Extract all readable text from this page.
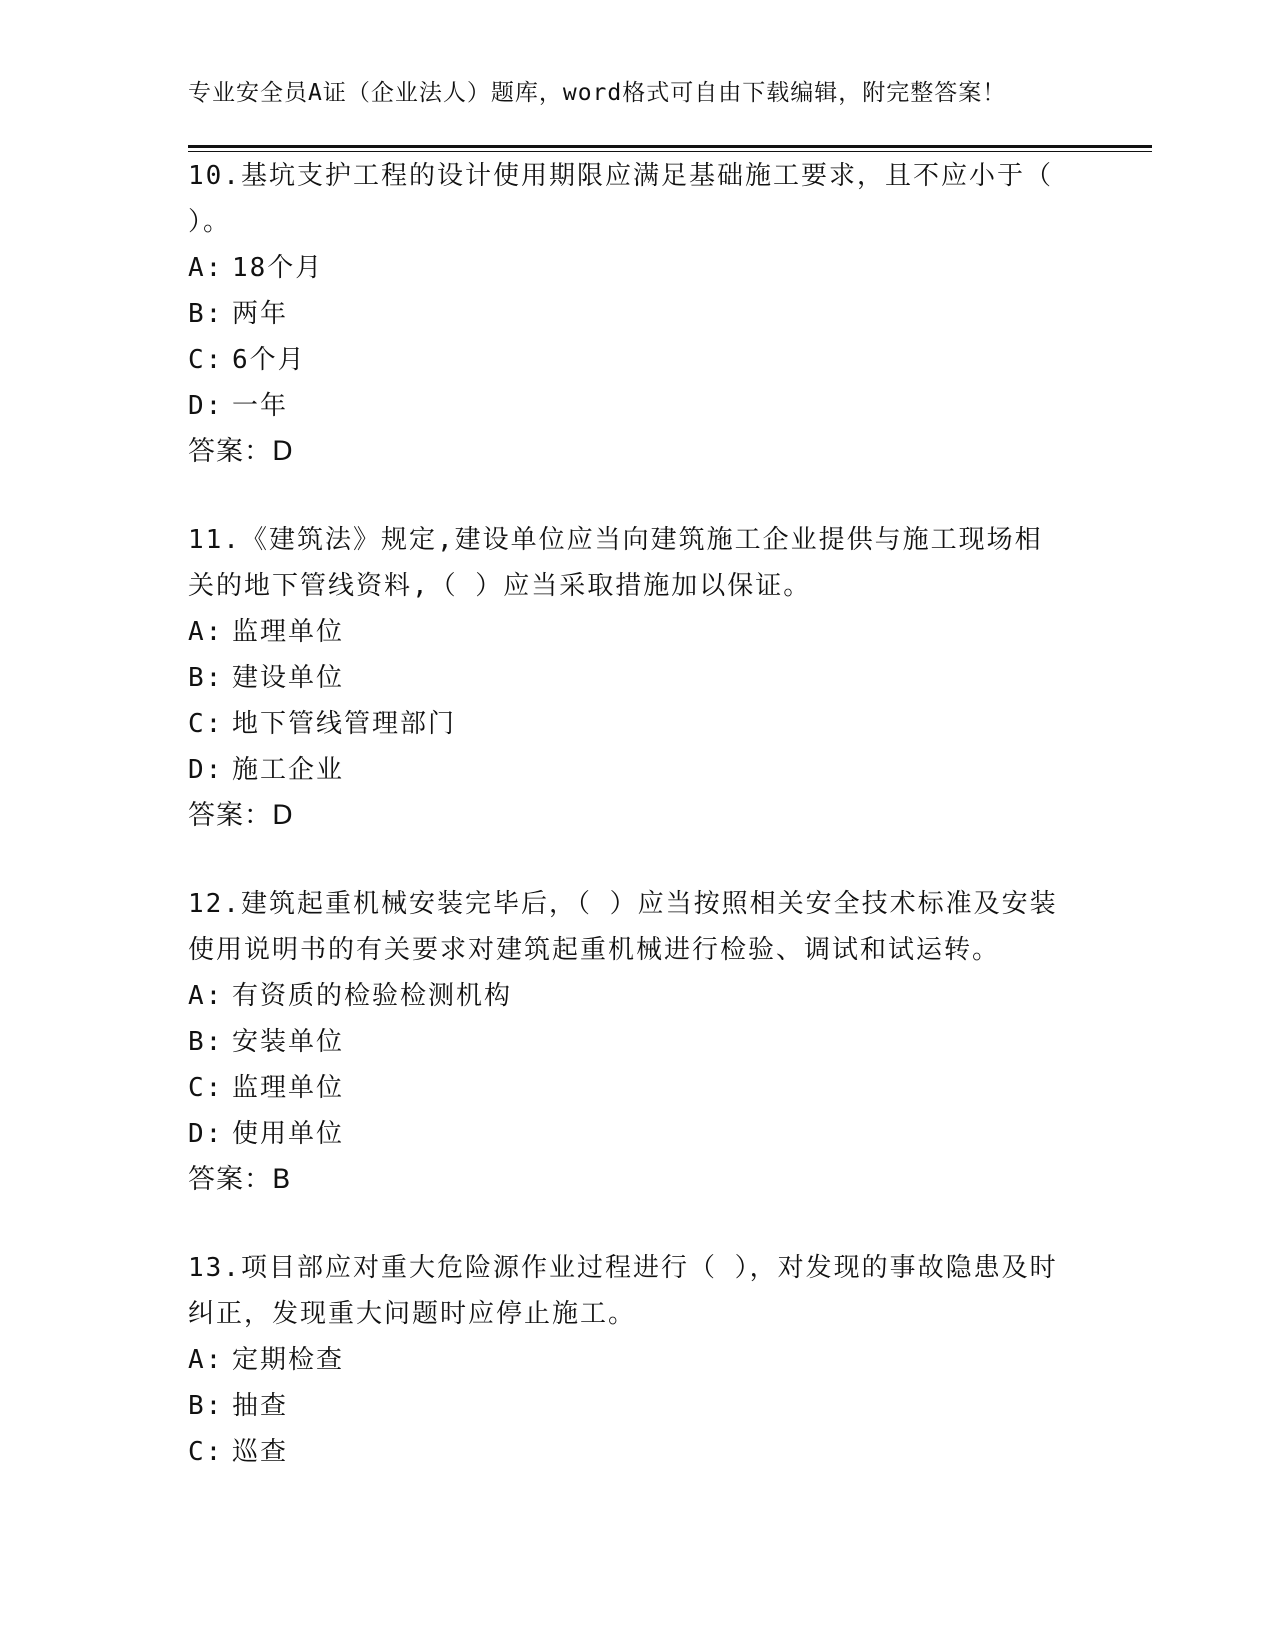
专业安全员A证（企业法人）题库，word格式可自由下载编辑，附完整答案！

10.基坑支护工程的设计使用期限应满足基础施工要求，且不应小于（ ）。

A: 18个月

B: 两年

C: 6个月

D: 一年

答案：D

11.《建筑法》规定,建设单位应当向建筑施工企业提供与施工现场相关的地下管线资料,（ ）应当采取措施加以保证。

A: 监理单位

B: 建设单位

C: 地下管线管理部门

D: 施工企业

答案：D

12.建筑起重机械安装完毕后，（ ）应当按照相关安全技术标准及安装使用说明书的有关要求对建筑起重机械进行检验、调试和试运转。

A: 有资质的检验检测机构

B: 安装单位

C: 监理单位

D: 使用单位

答案：B

13.项目部应对重大危险源作业过程进行（ ），对发现的事故隐患及时纠正，发现重大问题时应停止施工。

A: 定期检查

B: 抽查

C: 巡查
